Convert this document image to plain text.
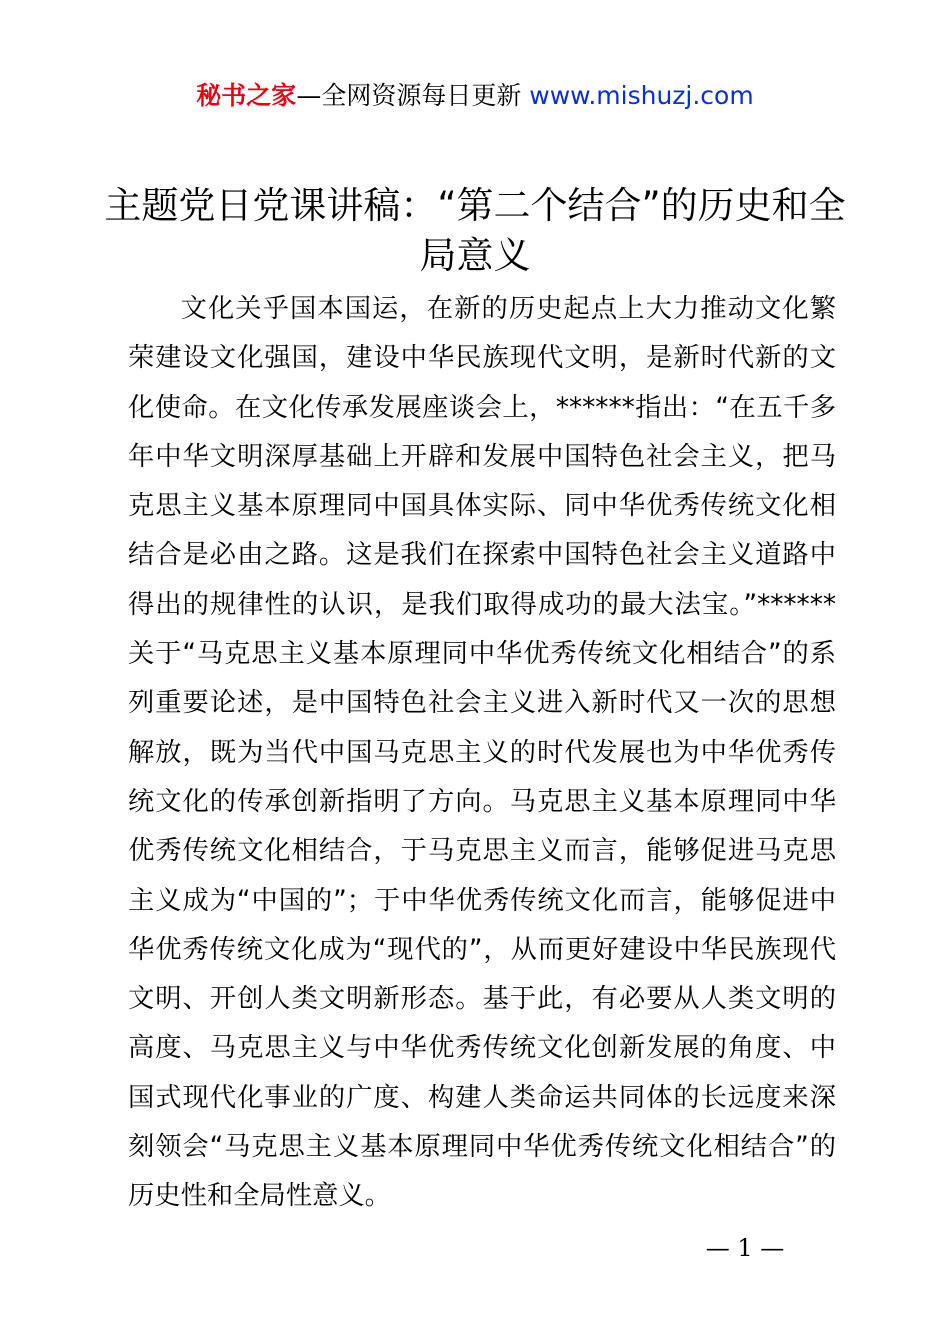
秘书之家—全网资源每日更新 www.mishuzj.com
主题党日党课讲稿：“第二个结合”的历史和全局意义

文化关乎国本国运，在新的历史起点上大力推动文化繁荣建设文化强国，建设中华民族现代文明，是新时代新的文化使命。在文化传承发展座谈会上，******指出：“在五千多年中华文明深厚基础上开辟和发展中国特色社会主义，把马克思主义基本原理同中国具体实际、同中华优秀传统文化相结合是必由之路。这是我们在探索中国特色社会主义道路中得出的规律性的认识，是我们取得成功的最大法宝。”******关于“马克思主义基本原理同中华优秀传统文化相结合”的系列重要论述，是中国特色社会主义进入新时代又一次的思想解放，既为当代中国马克思主义的时代发展也为中华优秀传统文化的传承创新指明了方向。马克思主义基本原理同中华优秀传统文化相结合，于马克思主义而言，能够促进马克思主义成为“中国的”；于中华优秀传统文化而言，能够促进中华优秀传统文化成为“现代的”，从而更好建设中华民族现代文明、开创人类文明新形态。基于此，有必要从人类文明的高度、马克思主义与中华优秀传统文化创新发展的角度、中国式现代化事业的广度、构建人类命运共同体的长远度来深刻领会“马克思主义基本原理同中华优秀传统文化相结合”的历史性和全局性意义。

— 1 —
